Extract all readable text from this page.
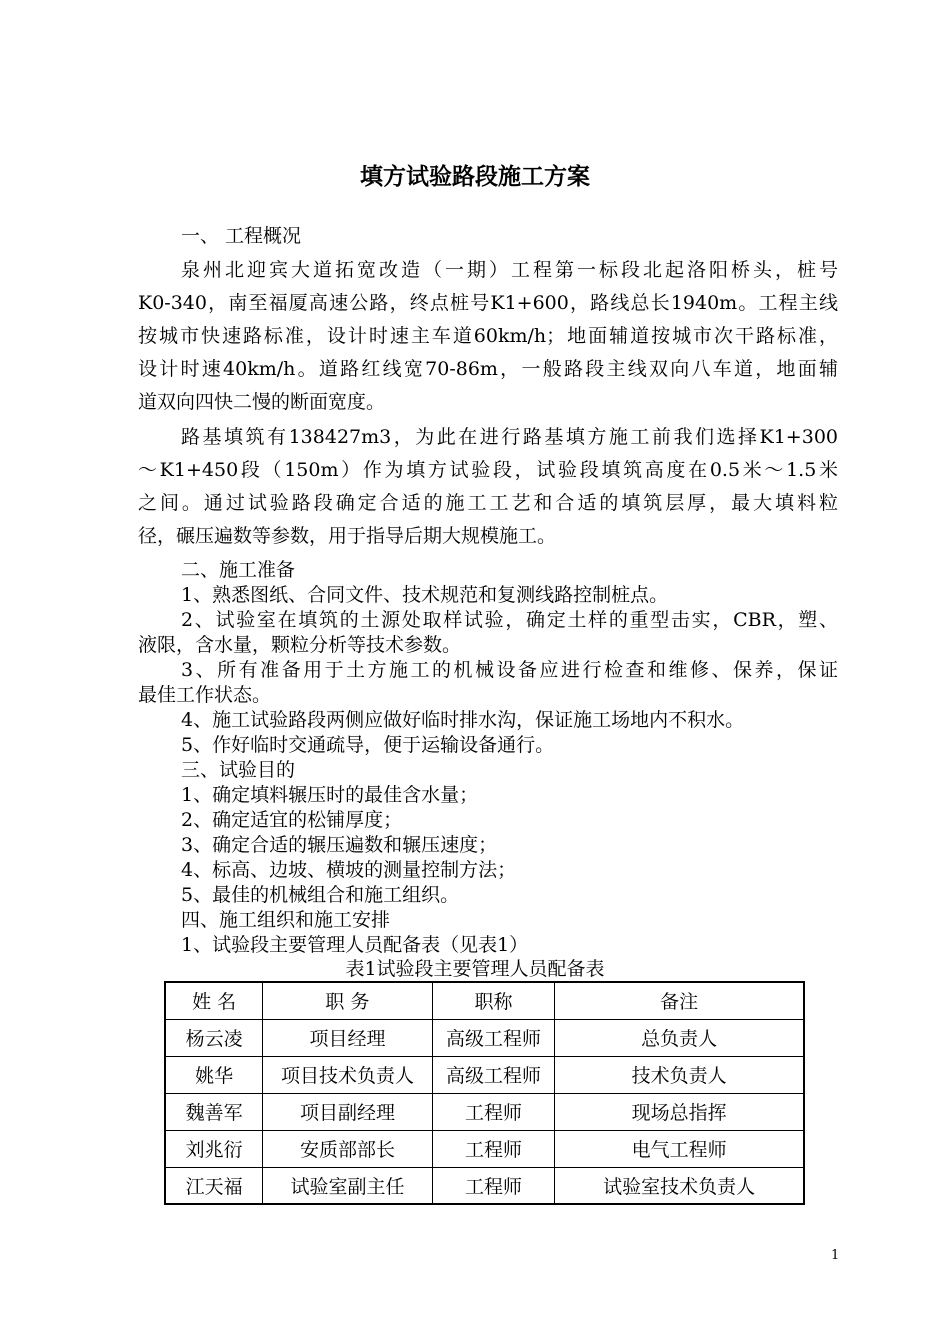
填方试验路段施工方案
一、 工程概况
泉州北迎宾大道拓宽改造（一期）工程第一标段北起洛阳桥头，桩号
K0-340，南至福厦高速公路，终点桩号K1+600，路线总长1940m。工程主线
按城市快速路标准，设计时速主车道60km/h；地面辅道按城市次干路标准，
设计时速40km/h。道路红线宽70-86m，一般路段主线双向八车道，地面辅
道双向四快二慢的断面宽度。
路基填筑有138427m3，为此在进行路基填方施工前我们选择K1+300
～K1+450段（150m）作为填方试验段，试验段填筑高度在0.5米～1.5米
之间。通过试验路段确定合适的施工工艺和合适的填筑层厚，最大填料粒
径，碾压遍数等参数，用于指导后期大规模施工。
二、施工准备
1、熟悉图纸、合同文件、技术规范和复测线路控制桩点。
2、试验室在填筑的土源处取样试验，确定土样的重型击实，CBR，塑、
液限，含水量，颗粒分析等技术参数。
3、所有准备用于土方施工的机械设备应进行检查和维修、保养，保证
最佳工作状态。
4、施工试验路段两侧应做好临时排水沟，保证施工场地内不积水。
5、作好临时交通疏导，便于运输设备通行。
三、试验目的
1、确定填料辗压时的最佳含水量；
2、确定适宜的松铺厚度；
3、确定合适的辗压遍数和辗压速度；
4、标高、边坡、横坡的测量控制方法；
5、最佳的机械组合和施工组织。
四、施工组织和施工安排
1、试验段主要管理人员配备表（见表1）
表1试验段主要管理人员配备表
姓 名	职 务	职称	备注
杨云凌	项目经理	高级工程师	总负责人
姚华	项目技术负责人	高级工程师	技术负责人
魏善军	项目副经理	工程师	现场总指挥
刘兆衍	安质部部长	工程师	电气工程师
江天福	试验室副主任	工程师	试验室技术负责人
1
